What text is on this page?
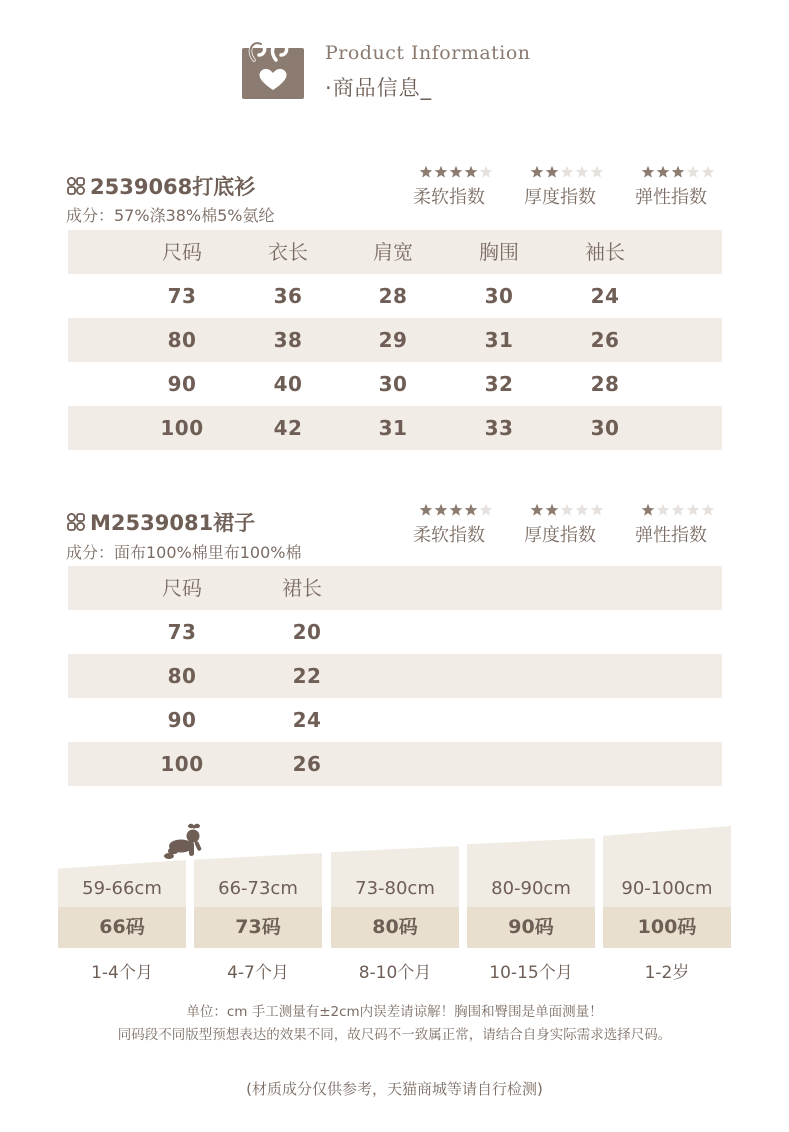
Product Information
·商品信息_
2539068打底衫
成分：57%涤38%棉5%氨纶
柔软指数	厚度指数	弹性指数
尺码	衣长	肩宽	胸围	袖长
73	36	28	30	24
80	38	29	31	26
90	40	30	32	28
100	42	31	33	30
M2539081裙子
成分：面布100%棉里布100%棉
柔软指数	厚度指数	弹性指数
尺码	裙长
73	20
80	22
90	24
100	26
59-66cm
66码
1-4个月
66-73cm
73码
4-7个月
73-80cm
80码
8-10个月
80-90cm
90码
10-15个月
90-100cm
100码
1-2岁
单位：cm 手工测量有±2cm内误差请谅解！胸围和臀围是单面测量！
同码段不同版型预想表达的效果不同，故尺码不一致属正常，请结合自身实际需求选择尺码。
(材质成分仅供参考，天猫商城等请自行检测)
